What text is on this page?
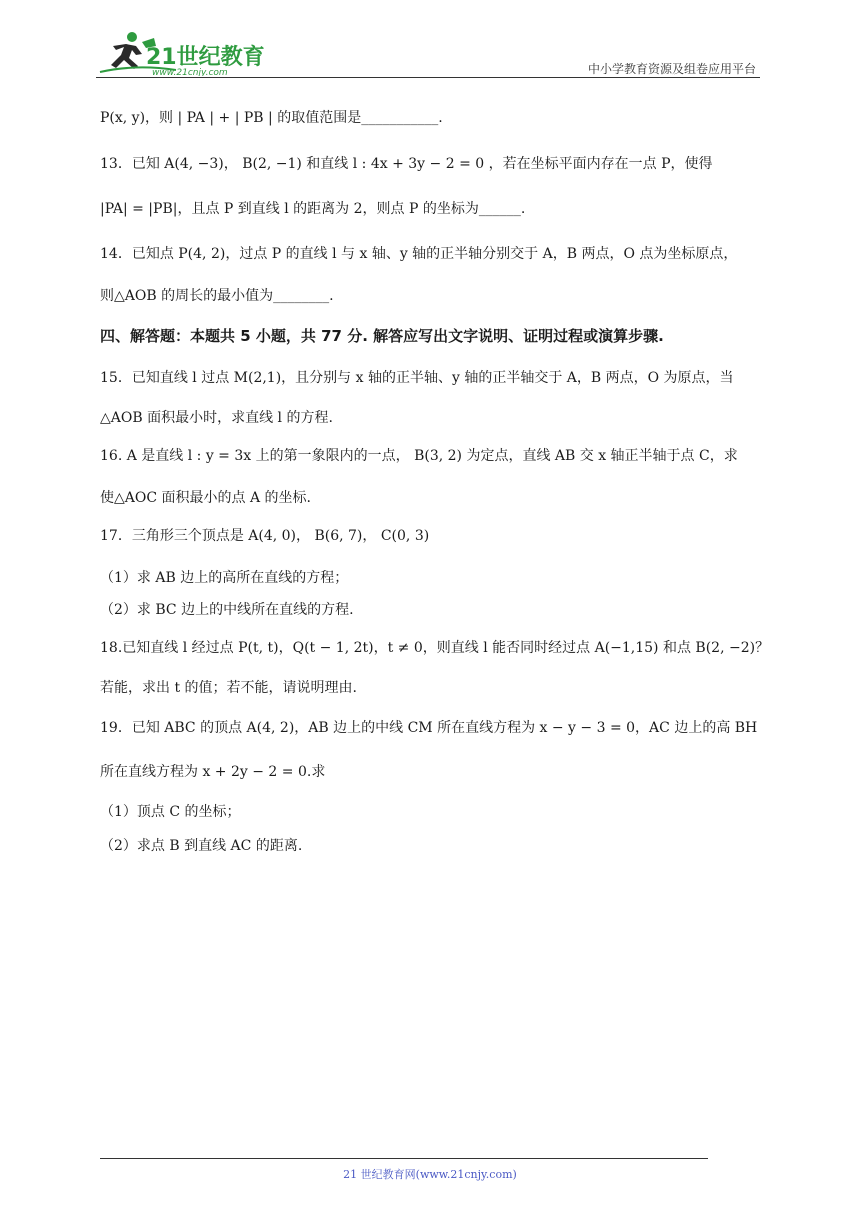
21世纪教育
www.21cnjy.com	中小学教育资源及组卷应用平台
P(x, y)，则 | PA | + | PB | 的取值范围是___________.
13．已知 A(4, −3)， B(2, −1) 和直线 l : 4x + 3y − 2 = 0 ，若在坐标平面内存在一点 P，使得
|PA| = |PB|，且点 P 到直线 l 的距离为 2，则点 P 的坐标为______.
14．已知点 P(4, 2)，过点 P 的直线 l 与 x 轴、y 轴的正半轴分别交于 A，B 两点，O 点为坐标原点，
则△AOB 的周长的最小值为________.
四、解答题：本题共 5 小题，共 77 分. 解答应写出文字说明、证明过程或演算步骤.
15．已知直线 l 过点 M(2,1)，且分别与 x 轴的正半轴、y 轴的正半轴交于 A，B 两点，O 为原点，当
△AOB 面积最小时，求直线 l 的方程.
16. A 是直线 l : y = 3x 上的第一象限内的一点， B(3, 2) 为定点，直线 AB 交 x 轴正半轴于点 C，求
使△AOC 面积最小的点 A 的坐标.
17．三角形三个顶点是 A(4, 0)， B(6, 7)， C(0, 3)
（1）求 AB 边上的高所在直线的方程；
（2）求 BC 边上的中线所在直线的方程.
18.已知直线 l 经过点 P(t, t)，Q(t − 1, 2t)，t ≠ 0，则直线 l 能否同时经过点 A(−1,15) 和点 B(2, −2)？
若能，求出 t 的值；若不能，请说明理由.
19．已知 ABC 的顶点 A(4, 2)，AB 边上的中线 CM 所在直线方程为 x − y − 3 = 0，AC 边上的高 BH
所在直线方程为 x + 2y − 2 = 0.求
（1）顶点 C 的坐标；
（2）求点 B 到直线 AC 的距离.
21 世纪教育网(www.21cnjy.com)
